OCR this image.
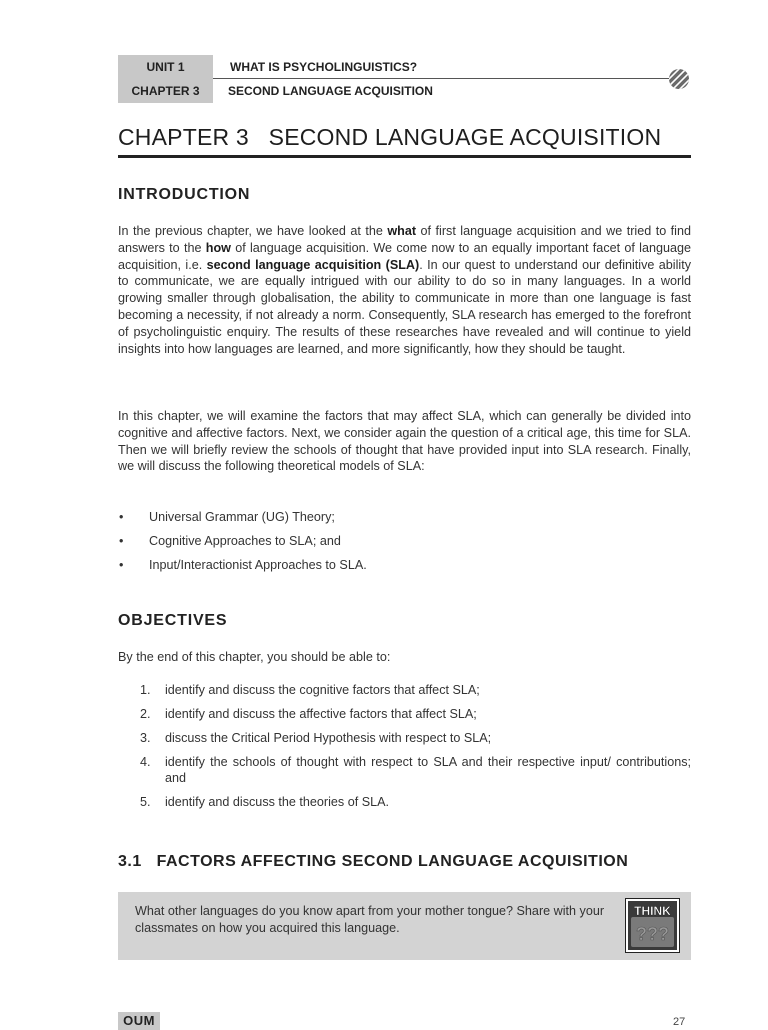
UNIT 1	WHAT IS PSYCHOLINGUISTICS?
CHAPTER 3	SECOND LANGUAGE ACQUISITION
CHAPTER 3   SECOND LANGUAGE ACQUISITION
INTRODUCTION

In the previous chapter, we have looked at the what of first language acquisition and we tried to find answers to the how of language acquisition. We come now to an equally important facet of language acquisition, i.e. second language acquisition (SLA). In our quest to understand our definitive ability to communicate, we are equally intrigued with our ability to do so in many languages. In a world growing smaller through globalisation, the ability to communicate in more than one language is fast becoming a necessity, if not already a norm. Consequently, SLA research has emerged to the forefront of psycholinguistic enquiry. The results of these researches have revealed and will continue to yield insights into how languages are learned, and more significantly, how they should be taught.

In this chapter, we will examine the factors that may affect SLA, which can generally be divided into cognitive and affective factors. Next, we consider again the question of a critical age, this time for SLA. Then we will briefly review the schools of thought that have provided input into SLA research. Finally, we will discuss the following theoretical models of SLA:

• Universal Grammar (UG) Theory;
• Cognitive Approaches to SLA; and
• Input/Interactionist Approaches to SLA.
OBJECTIVES

By the end of this chapter, you should be able to:

1. identify and discuss the cognitive factors that affect SLA;
2. identify and discuss the affective factors that affect SLA;
3. discuss the Critical Period Hypothesis with respect to SLA;
4. identify the schools of thought with respect to SLA and their respective input/ contributions; and
5. identify and discuss the theories of SLA.
3.1   FACTORS AFFECTING SECOND LANGUAGE ACQUISITION
What other languages do you know apart from your mother tongue? Share with your classmates on how you acquired this language.
THINK
???
OUM	27
